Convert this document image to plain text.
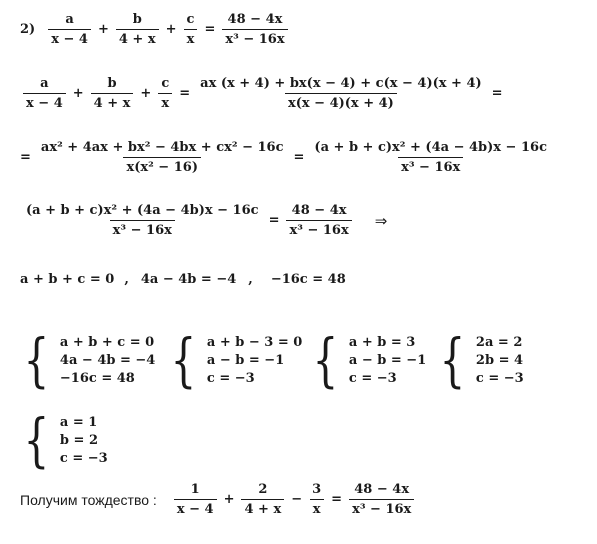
$2) \frac{a}{x - 4} + \frac{b}{4 + x} + \frac{c}{x} = \frac{48 - 4x}{\text{x³ − 16x}}$
$\frac{a}{x - 4} + \frac{b}{4 + x} + \frac{c}{x} = \frac{ax (x + 4) + bx(x - 4) + c(x - 4)(x + 4)}{x(x - 4)(x + 4)}$ =
= $\frac{\text{ax² + 4ax + bx² − 4bx + cx² − 16c}}{\text{x(x² − 16)}} = \frac{\text{(a + b + c)x² + (4a − 4b)x − 16c}}{\text{x³ − 16x}}$
$\frac{\text{(a + b + c)x² + (4a − 4b)x − 16c}}{\text{x³ − 16x}} = \frac{48 - 4x}{\text{x³ − 16x}}$ ⇒
a + b + c = 0 , 4a − 4b = −4 , −16c = 48
{ a + b + c = 0
4a − 4b = −4
−16c = 48 { a + b − 3 = 0
a − b = −1
c = −3 { a + b = 3
a − b = −1
c = −3 { 2a = 2
2b = 4
c = −3
{ a = 1
b = 2
c = −3
Получим тождество : $\frac{1}{x - 4} + \frac{2}{4 + x} - \frac{3}{x} = \frac{48 - 4x}{\text{x³ − 16x}}$
